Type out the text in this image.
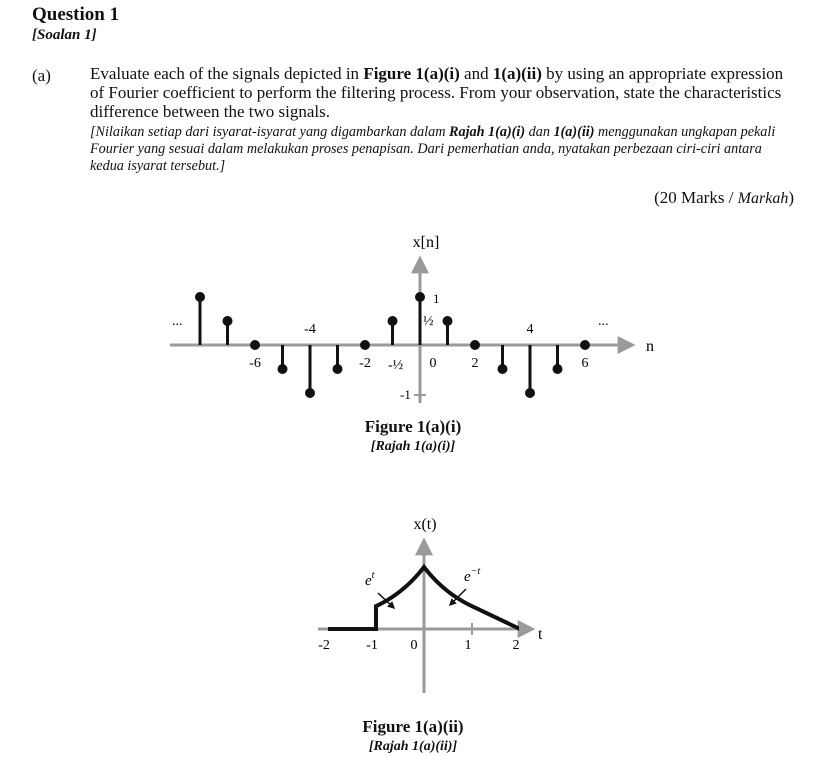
Question 1
[Soalan 1]
(a) Evaluate each of the signals depicted in Figure 1(a)(i) and 1(a)(ii) by using an appropriate expression of Fourier coefficient to perform the filtering process. From your observation, state the characteristics difference between the two signals.

[Nilaikan setiap dari isyarat-isyarat yang digambarkan dalam Rajah 1(a)(i) dan 1(a)(ii) menggunakan ungkapan pekali Fourier yang sesuai dalam melakukan proses penapisan. Dari pemerhatian anda, nyatakan perbezaan ciri-ciri antara kedua isyarat tersebut.]

(20 Marks / Markah)
x[n]
n
...	...
1
-1
½
-½
-6
-4
-2	0	2
4
6
Figure 1(a)(i)
[Rajah 1(a)(i)]
x(t)
t
-2	-1 0	1	2
$e^t$	$e^{-t}$
Figure 1(a)(ii)
[Rajah 1(a)(ii)]
